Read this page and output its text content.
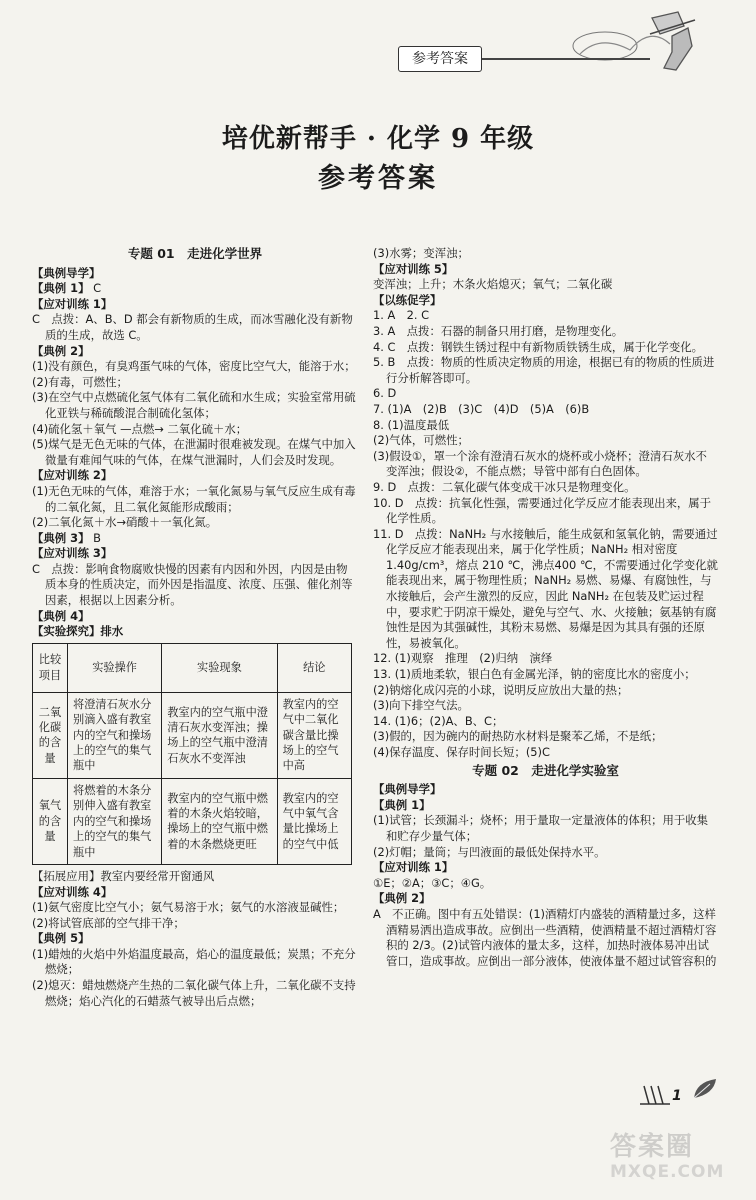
参考答案
培优新帮手 · 化学 9 年级
参考答案

专题 01　走进化学世界

【典例导学】

【典例 1】 C

【应对训练 1】

C　点拨：A、B、D 都会有新物质的生成，而冰雪融化没有新物质的生成，故选 C。

【典例 2】

(1)没有颜色，有臭鸡蛋气味的气体，密度比空气大，能溶于水；

(2)有毒，可燃性；

(3)在空气中点燃硫化氢气体有二氧化硫和水生成；实验室常用硫化亚铁与稀硫酸混合制硫化氢体；

(4)硫化氢＋氧气 —点燃→ 二氧化硫＋水；

(5)煤气是无色无味的气体，在泄漏时很难被发现。在煤气中加入微量有难闻气味的气体，在煤气泄漏时，人们会及时发现。

【应对训练 2】

(1)无色无味的气体，难溶于水；一氧化氮易与氧气反应生成有毒的二氧化氮，且二氧化氮能形成酸雨；

(2)二氧化氮＋水→硝酸＋一氧化氮。

【典例 3】 B

【应对训练 3】

C　点拨：影响食物腐败快慢的因素有内因和外因，内因是由物质本身的性质决定，而外因是指温度、浓度、压强、催化剂等因素，根据以上因素分析。

【典例 4】

【实验探究】排水

比较项目	实验操作	实验现象	结论
二氧化碳的含量	将澄清石灰水分别滴入盛有教室内的空气和操场上的空气的集气瓶中	教室内的空气瓶中澄清石灰水变浑浊；操场上的空气瓶中澄清石灰水不变浑浊	教室内的空气中二氧化碳含量比操场上的空气中高
氧气的含量	将燃着的木条分别伸入盛有教室内的空气和操场上的空气的集气瓶中	教室内的空气瓶中燃着的木条火焰较暗，操场上的空气瓶中燃着的木条燃烧更旺	教室内的空气中氧气含量比操场上的空气中低

【拓展应用】教室内要经常开窗通风

【应对训练 4】

(1)氨气密度比空气小；氨气易溶于水；氨气的水溶液显碱性；

(2)将试管底部的空气排干净；

【典例 5】

(1)蜡烛的火焰中外焰温度最高，焰心的温度最低；炭黑；不充分燃烧；

(2)熄灭：蜡烛燃烧产生热的二氧化碳气体上升，二氧化碳不支持燃烧；焰心汽化的石蜡蒸气被导出后点燃；

(3)水雾；变浑浊；

【应对训练 5】

变浑浊；上升；木条火焰熄灭；氧气；二氧化碳

【以练促学】

1. A　2. C

3. A　点拨：石器的制备只用打磨，是物理变化。

4. C　点拨：钢铁生锈过程中有新物质铁锈生成，属于化学变化。

5. B　点拨：物质的性质决定物质的用途，根据已有的物质的性质进行分析解答即可。

6. D

7. (1)A　(2)B　(3)C　(4)D　(5)A　(6)B

8. (1)温度最低

(2)气体，可燃性；

(3)假设①，罩一个涂有澄清石灰水的烧杯或小烧杯；澄清石灰水不变浑浊；假设②，不能点燃；导管中部有白色固体。

9. D　点拨：二氧化碳气体变成干冰只是物理变化。

10. D　点拨：抗氧化性强，需要通过化学反应才能表现出来，属于化学性质。

11. D　点拨：NaNH₂ 与水接触后，能生成氨和氢氧化钠，需要通过化学反应才能表现出来，属于化学性质；NaNH₂ 相对密度 1.40g/cm³，熔点 210 ℃，沸点400 ℃，不需要通过化学变化就能表现出来，属于物理性质；NaNH₂ 易燃、易爆、有腐蚀性，与水接触后，会产生激烈的反应，因此 NaNH₂ 在包装及贮运过程中，要求贮于阴凉干燥处，避免与空气、水、火接触；氨基钠有腐蚀性是因为其强碱性，其粉末易燃、易爆是因为其具有强的还原性，易被氧化。

12. (1)观察　推理　(2)归纳　演绎

13. (1)质地柔软，银白色有金属光泽，钠的密度比水的密度小；

(2)钠熔化成闪亮的小球，说明反应放出大量的热；

(3)向下排空气法。

14. (1)6；(2)A、B、C；

(3)假的，因为碗内的耐热防水材料是聚苯乙烯，不是纸；

(4)保存温度、保存时间长短；(5)C

专题 02　走进化学实验室

【典例导学】

【典例 1】

(1)试管；长颈漏斗；烧杯；用于量取一定量液体的体积；用于收集和贮存少量气体；

(2)灯帽；量筒；与凹液面的最低处保持水平。

【应对训练 1】

①E；②A；③C；④G。

【典例 2】

A　不正确。图中有五处错误：(1)酒精灯内盛装的酒精量过多，这样酒精易洒出造成事故。应倒出一些酒精，使酒精量不超过酒精灯容积的 2/3。(2)试管内液体的量太多，这样，加热时液体易冲出试管口，造成事故。应倒出一部分液体，使液体量不超过试管容积的

1
答案圈
MXQE.COM
